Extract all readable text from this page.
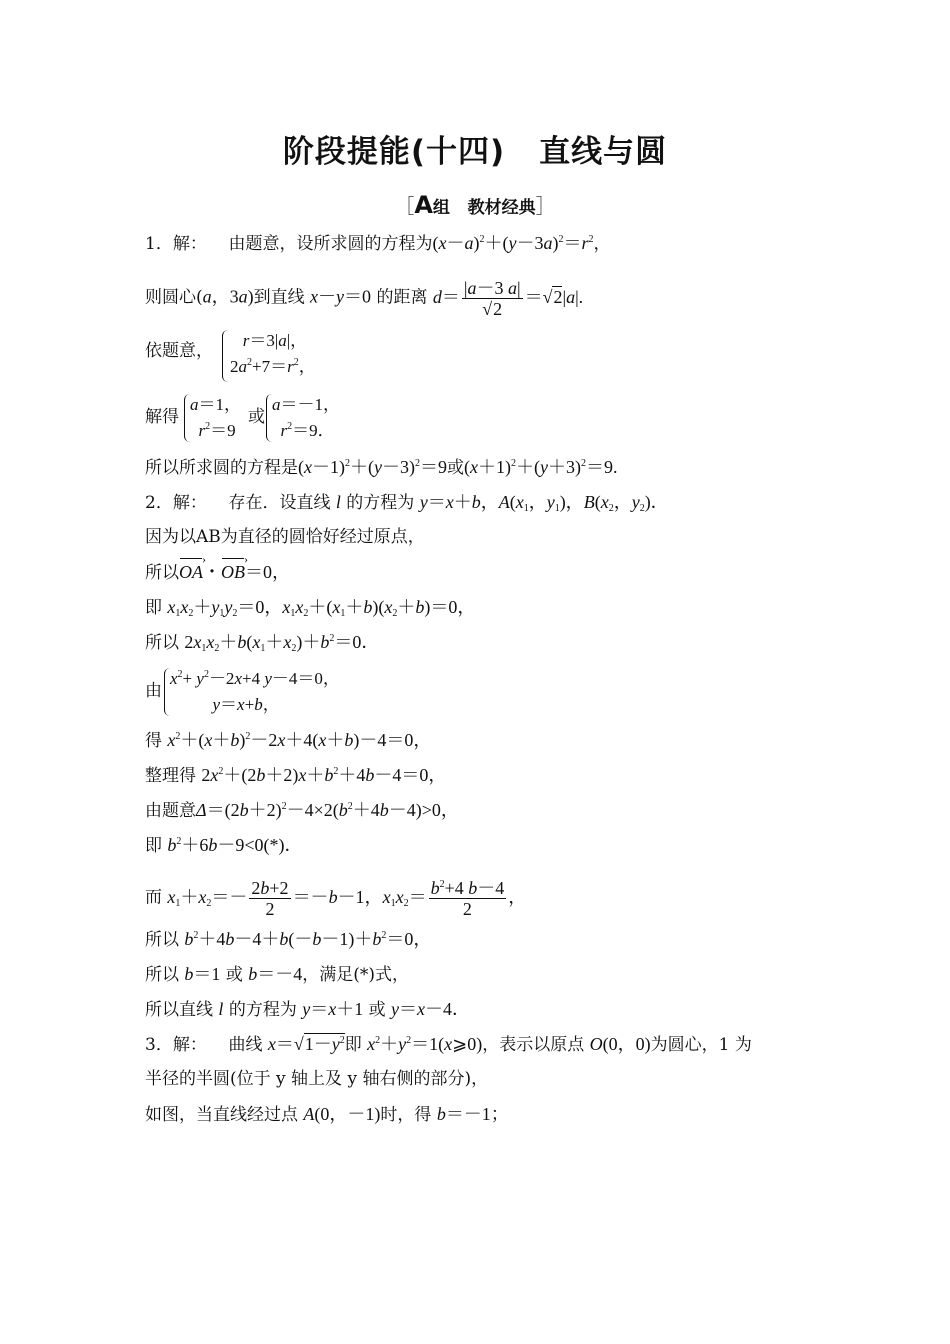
阶段提能(十四) 直线与圆
［A组 教材经典］
1．解： 由题意，设所求圆的方程为$(x-a)^2+(y-3a)^2=r^2$，
则圆心(a，3a)到直线 x－y＝0 的距离 $d= \frac{|a-3 a|}{√2} =√2|a|$.
依题意，
r＝3|a|，
$2a^2+7=r^2$，
解得
a＝1，
$r^2=9$
或
a＝－1，
$r^2=9$．
所以所求圆的方程是$(x-1)^2+(y-3)^2=9$或$(x+1)^2+(y+3)^2=9$.
2．解： 存在．设直线 l 的方程为 y＝x＋b，$A(x_1$，$y_1$)，$B(x_2$，$y_2$)．
因为以AB为直径的圆恰好经过原点，
所以OA ›・OB ›＝0，
即 $x_1x_2+y_1y_2=0$，$x_1x_2+(x_1+b)(x_2+b)=0$，
所以 $2x_1x_2+b(x_1+x_2)+b^2=0$．
由
$x^2+ y^2-2x+4$ y－4＝0，
y＝x+b，
得 $x^2+(x+b)^2-2x+4(x+b)-4=0$，
整理得 $2x^2+(2b+2)x+b^2+4b-4=0$，
由题意$\Delta=(2b+2)^2-4\times 2(b^2+4b-4)>0$，
即 $b^2+6b-9<0(*)$．
而 $x_1+x_2=- \frac{2b+2}{2} =-b-1$，$x_1x_2= \frac{b^2+4 b-4}{2}$ ，
所以 $b^2+4b-4+b(-b-1)+b^2=0$，
所以 b＝1 或 b＝－4，满足(*)式，
所以直线 l 的方程为 y＝x＋1 或 y＝x－4．
3．解： 曲线 $x=√1-y^2$即 $x^2+y^2=1(x⩾0)$，表示以原点 O(0，0)为圆心，1 为
半径的半圆(位于 y 轴上及 y 轴右侧的部分)，
如图，当直线经过点 A(0，－1)时，得 b＝－1；
